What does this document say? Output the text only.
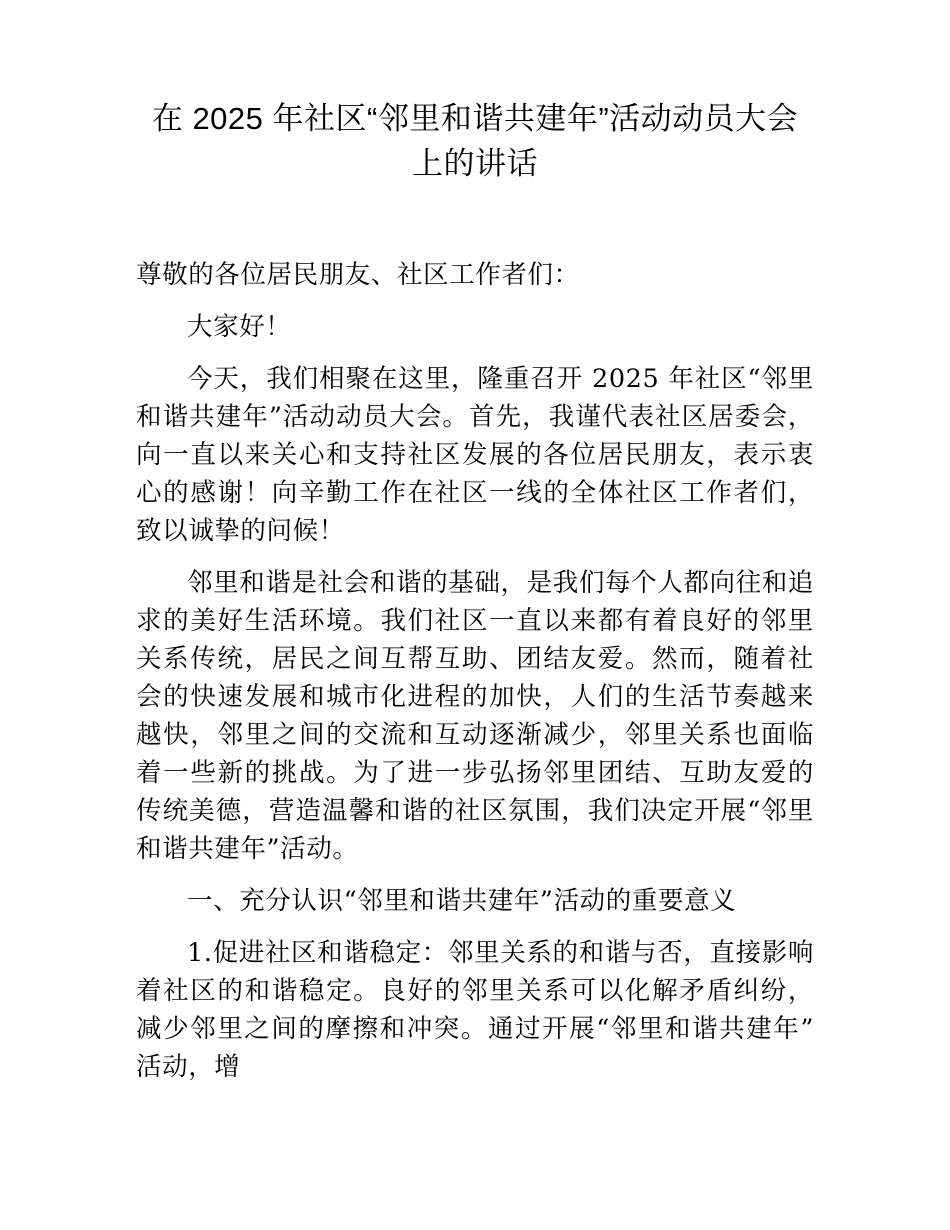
在 2025 年社区“邻里和谐共建年”活动动员大会上的讲话

尊敬的各位居民朋友、社区工作者们：

大家好！

今天，我们相聚在这里，隆重召开 2025 年社区“邻里和谐共建年”活动动员大会。首先，我谨代表社区居委会，向一直以来关心和支持社区发展的各位居民朋友，表示衷心的感谢！向辛勤工作在社区一线的全体社区工作者们，致以诚挚的问候！

邻里和谐是社会和谐的基础，是我们每个人都向往和追求的美好生活环境。我们社区一直以来都有着良好的邻里关系传统，居民之间互帮互助、团结友爱。然而，随着社会的快速发展和城市化进程的加快，人们的生活节奏越来越快，邻里之间的交流和互动逐渐减少，邻里关系也面临着一些新的挑战。为了进一步弘扬邻里团结、互助友爱的传统美德，营造温馨和谐的社区氛围，我们决定开展“邻里和谐共建年”活动。

一、充分认识“邻里和谐共建年”活动的重要意义

1.促进社区和谐稳定：邻里关系的和谐与否，直接影响着社区的和谐稳定。良好的邻里关系可以化解矛盾纠纷，减少邻里之间的摩擦和冲突。通过开展“邻里和谐共建年”活动，增
